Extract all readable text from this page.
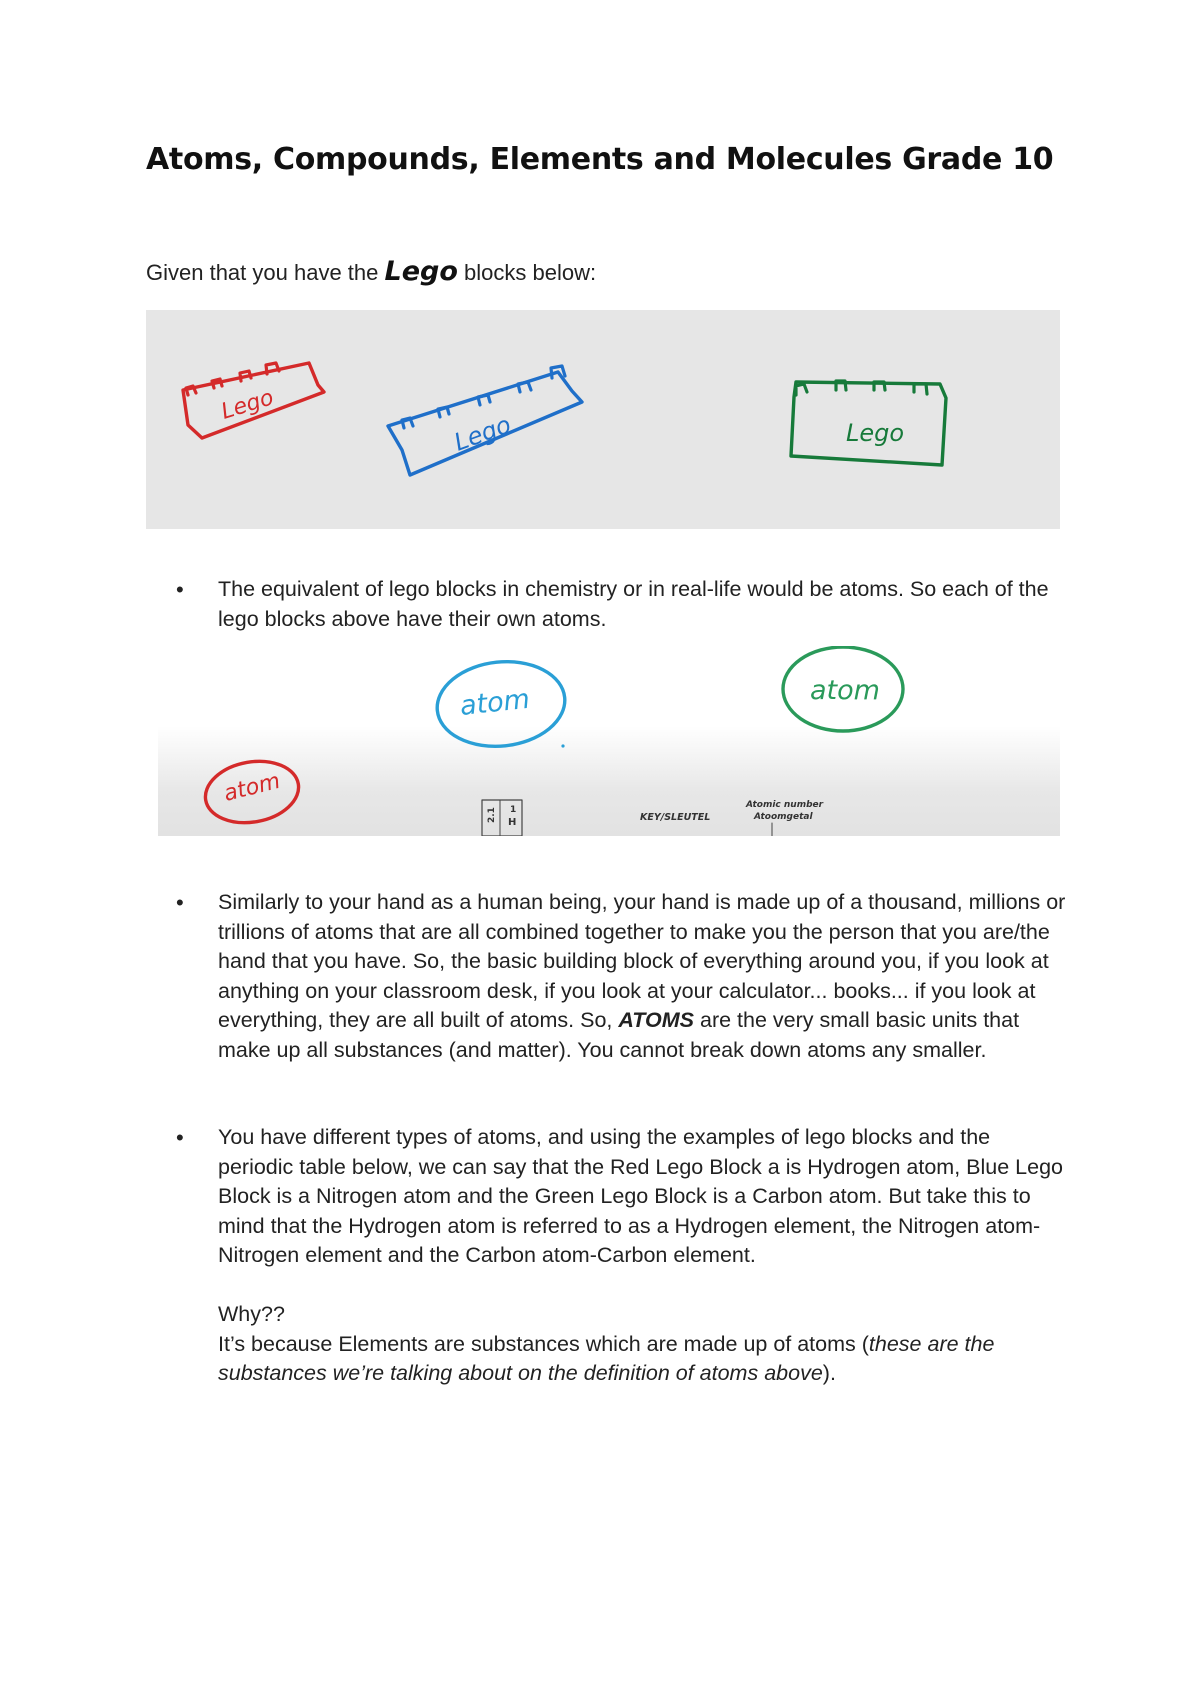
Atoms, Compounds, Elements and Molecules Grade 10

Given that you have the Lego blocks below:

Lego
Lego	Lego
• The equivalent of lego blocks in chemistry or in real-life would be atoms. So each of the lego blocks above have their own atoms.

atom
atom	atom
2.1 1
H	KEY/SLEUTEL
Atomic number
Atoomgetal
• Similarly to your hand as a human being, your hand is made up of a thousand, millions or trillions of atoms that are all combined together to make you the person that you are/the hand that you have. So, the basic building block of everything around you, if you look at anything on your classroom desk, if you look at your calculator... books... if you look at everything, they are all built of atoms. So, ATOMS are the very small basic units that make up all substances (and matter). You cannot break down atoms any smaller.

• You have different types of atoms, and using the examples of lego blocks and the periodic table below, we can say that the Red Lego Block a is Hydrogen atom, Blue Lego Block is a Nitrogen atom and the Green Lego Block is a Carbon atom. But take this to mind that the Hydrogen atom is referred to as a Hydrogen element, the Nitrogen atom-Nitrogen element and the Carbon atom-Carbon element.

Why??

It’s because Elements are substances which are made up of atoms (these are the substances we’re talking about on the definition of atoms above).
